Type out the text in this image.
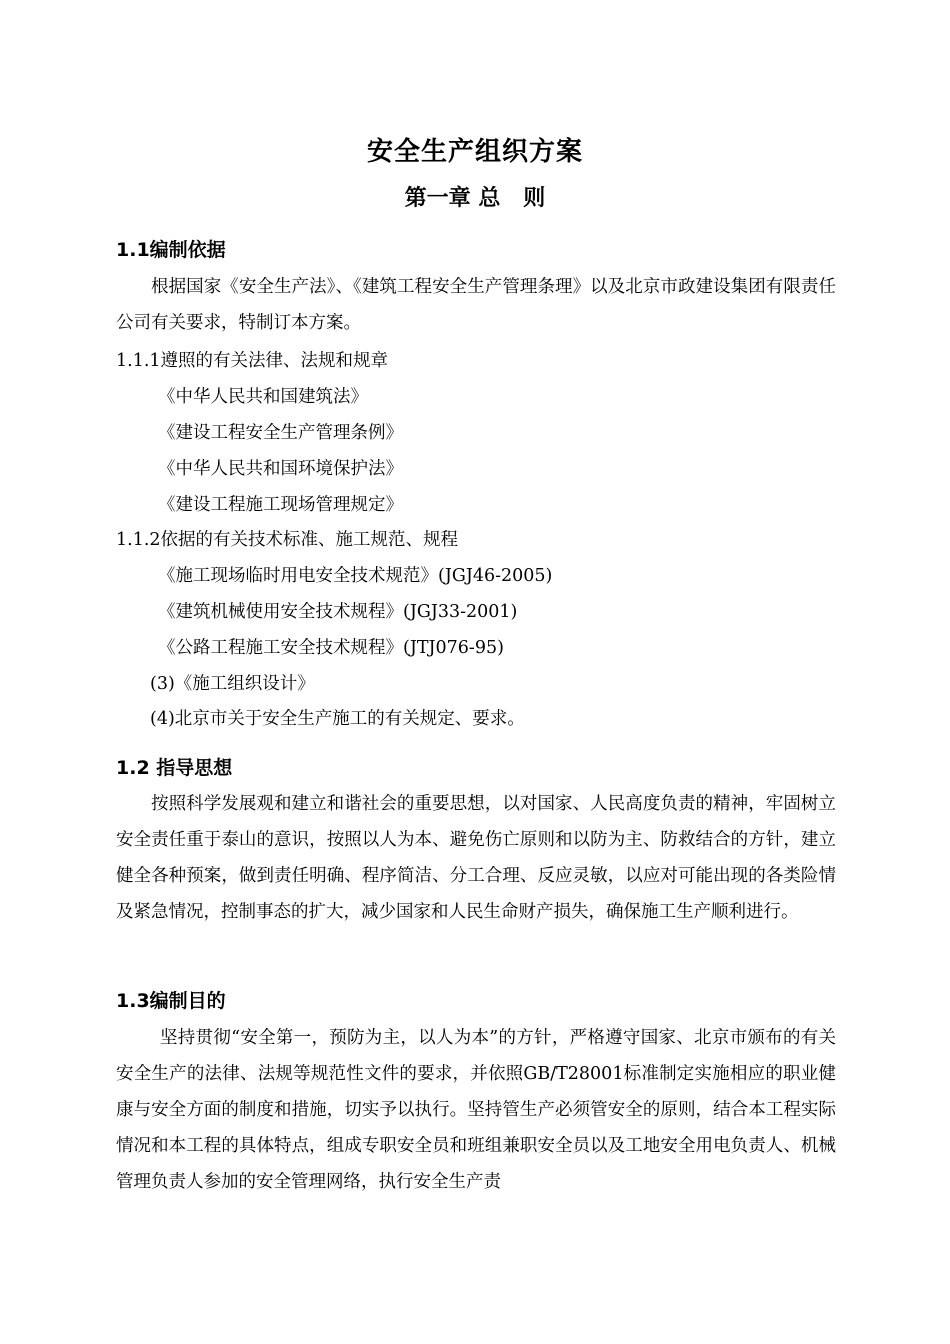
安全生产组织方案
第一章 总   则
1.1编制依据
根据国家《安全生产法》、《建筑工程安全生产管理条理》以及北京市政建设集团有限责任公司有关要求，特制订本方案。
1.1.1遵照的有关法律、法规和规章
《中华人民共和国建筑法》
《建设工程安全生产管理条例》
《中华人民共和国环境保护法》
《建设工程施工现场管理规定》
1.1.2依据的有关技术标准、施工规范、规程
《施工现场临时用电安全技术规范》(JGJ46-2005)
《建筑机械使用安全技术规程》(JGJ33-2001)
《公路工程施工安全技术规程》(JTJ076-95)
(3)《施工组织设计》
(4)北京市关于安全生产施工的有关规定、要求。
1.2 指导思想
按照科学发展观和建立和谐社会的重要思想，以对国家、人民高度负责的精神，牢固树立安全责任重于泰山的意识，按照以人为本、避免伤亡原则和以防为主、防救结合的方针，建立健全各种预案，做到责任明确、程序简洁、分工合理、反应灵敏，以应对可能出现的各类险情及紧急情况，控制事态的扩大，减少国家和人民生命财产损失，确保施工生产顺利进行。
1.3编制目的
坚持贯彻“安全第一，预防为主，以人为本”的方针，严格遵守国家、北京市颁布的有关安全生产的法律、法规等规范性文件的要求，并依照GB/T28001标准制定实施相应的职业健康与安全方面的制度和措施，切实予以执行。坚持管生产必须管安全的原则，结合本工程实际情况和本工程的具体特点，组成专职安全员和班组兼职安全员以及工地安全用电负责人、机械管理负责人参加的安全管理网络，执行安全生产责
